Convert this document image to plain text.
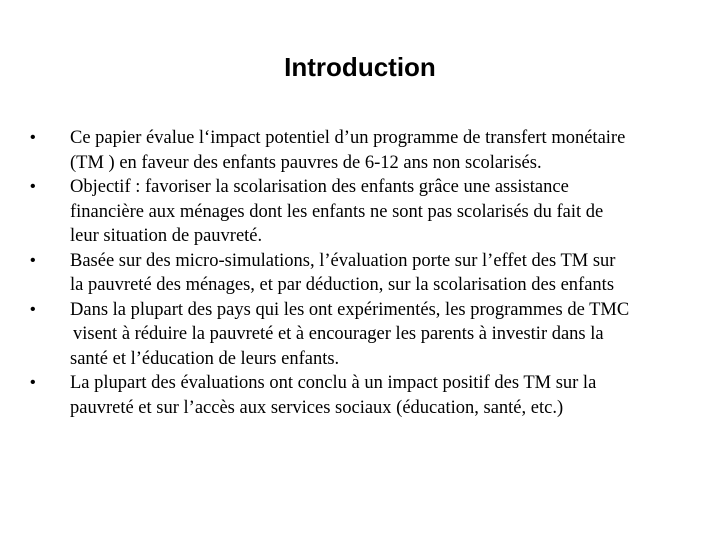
Introduction
•	Ce papier évalue l‘impact potentiel d’un programme de transfert monétaire
(TM ) en faveur des enfants pauvres de 6-12 ans non scolarisés.
•	Objectif : favoriser la scolarisation des enfants grâce une assistance
financière aux ménages dont les enfants ne sont pas scolarisés du fait de
leur situation de pauvreté.
•	Basée sur des micro-simulations, l’évaluation porte sur l’effet des TM sur
la pauvreté des ménages, et par déduction, sur la scolarisation des enfants
•	Dans la plupart des pays qui les ont expérimentés, les programmes de TMC
visent à réduire la pauvreté et à encourager les parents à investir dans la
santé et l’éducation de leurs enfants.
•	La plupart des évaluations ont conclu à un impact positif des TM sur la
pauvreté et sur l’accès aux services sociaux (éducation, santé, etc.)
